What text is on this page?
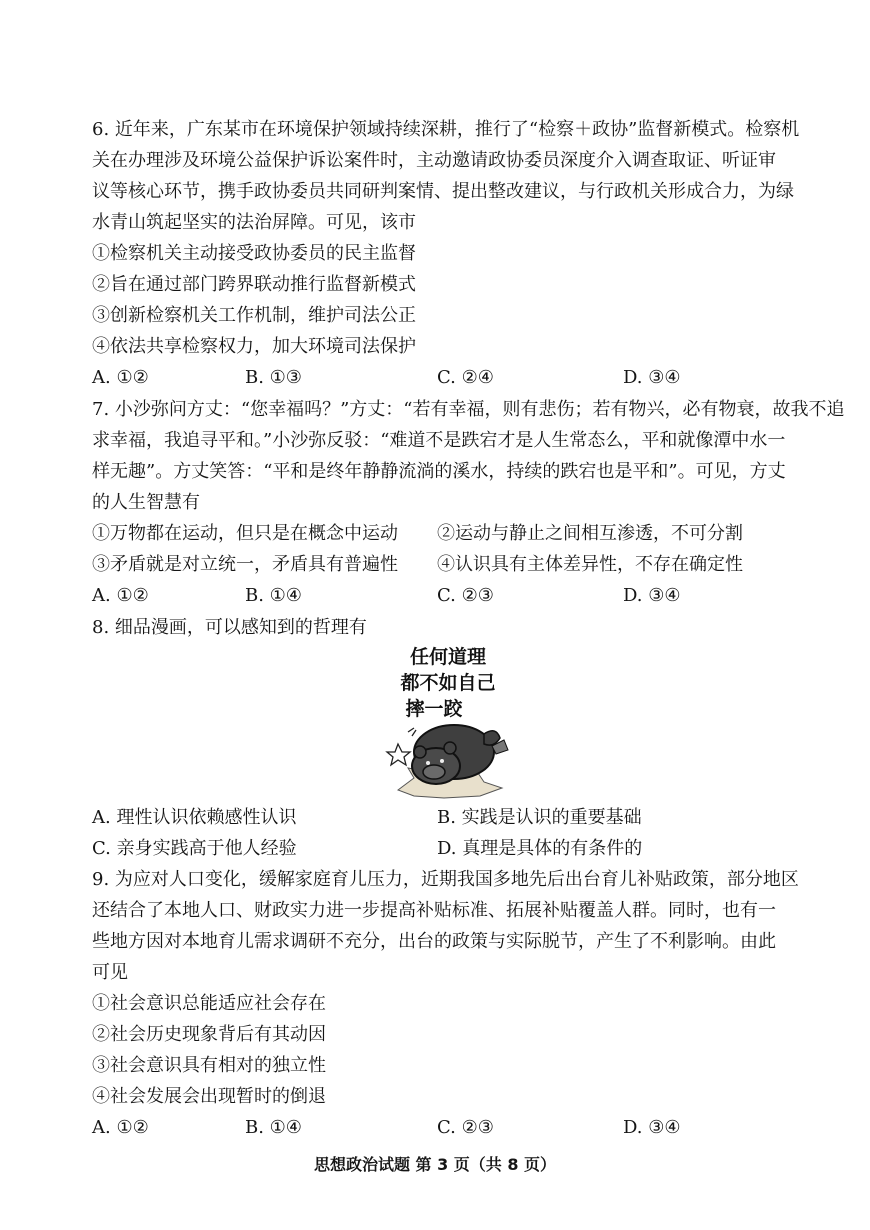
6. 近年来，广东某市在环境保护领域持续深耕，推行了“检察＋政协”监督新模式。检察机
关在办理涉及环境公益保护诉讼案件时，主动邀请政协委员深度介入调查取证、听证审
议等核心环节，携手政协委员共同研判案情、提出整改建议，与行政机关形成合力，为绿
水青山筑起坚实的法治屏障。可见，该市
①检察机关主动接受政协委员的民主监督
②旨在通过部门跨界联动推行监督新模式
③创新检察机关工作机制，维护司法公正
④依法共享检察权力，加大环境司法保护
A. ①②	B. ①③	C. ②④	D. ③④
7. 小沙弥问方丈：“您幸福吗？”方丈：“若有幸福，则有悲伤；若有物兴，必有物衰，故我不追
求幸福，我追寻平和。”小沙弥反驳：“难道不是跌宕才是人生常态么，平和就像潭中水一
样无趣”。方丈笑答：“平和是终年静静流淌的溪水，持续的跌宕也是平和”。可见，方丈
的人生智慧有
①万物都在运动，但只是在概念中运动 ②运动与静止之间相互渗透，不可分割
③矛盾就是对立统一，矛盾具有普遍性 ④认识具有主体差异性，不存在确定性
A. ①②	B. ①④	C. ②③	D. ③④
8. 细品漫画，可以感知到的哲理有
任何道理
都不如自己
摔一跤
A. 理性认识依赖感性认识	B. 实践是认识的重要基础
C. 亲身实践高于他人经验	D. 真理是具体的有条件的
9. 为应对人口变化，缓解家庭育儿压力，近期我国多地先后出台育儿补贴政策，部分地区
还结合了本地人口、财政实力进一步提高补贴标准、拓展补贴覆盖人群。同时，也有一
些地方因对本地育儿需求调研不充分，出台的政策与实际脱节，产生了不利影响。由此
可见
①社会意识总能适应社会存在
②社会历史现象背后有其动因
③社会意识具有相对的独立性
④社会发展会出现暂时的倒退
A. ①②	B. ①④	C. ②③	D. ③④
思想政治试题 第 3 页（共 8 页）
